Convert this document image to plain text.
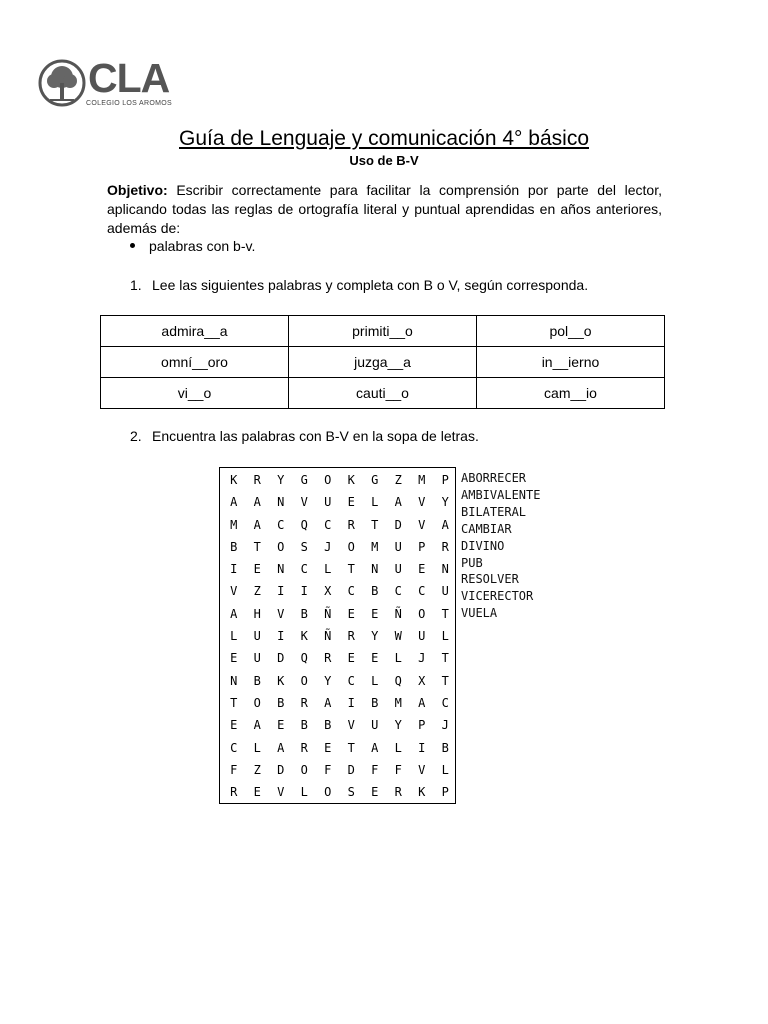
CLA
COLEGIO LOS AROMOS
Guía de Lenguaje y comunicación 4° básico
Uso de B-V

Objetivo: Escribir correctamente para facilitar la comprensión por parte del lector, aplicando todas las reglas de ortografía literal y puntual aprendidas en años anteriores, además de:

palabras con b-v.
1. Lee las siguientes palabras y completa con B o V, según corresponda.
admira__a	primiti__o	pol__o
omní__oro	juzga__a	in__ierno
vi__o	cauti__o	cam__io
2. Encuentra las palabras con B-V en la sopa de letras.
K	R	Y	G	O	K	G	Z	M	P
A	A	N	V	U	E	L	A	V	Y
M	A	C	Q	C	R	T	D	V	A
B	T	O	S	J	O	M	U	P	R
I	E	N	C	L	T	N	U	E	N
V	Z	I	I	X	C	B	C	C	U
A	H	V	B	Ñ	E	E	Ñ	O	T
L	U	I	K	Ñ	R	Y	W	U	L
E	U	D	Q	R	E	E	L	J	T
N	B	K	O	Y	C	L	Q	X	T
T	O	B	R	A	I	B	M	A	C
E	A	E	B	B	V	U	Y	P	J
C	L	A	R	E	T	A	L	I	B
F	Z	D	O	F	D	F	F	V	L
R	E	V	L	O	S	E	R	K	P
ABORRECER
AMBIVALENTE
BILATERAL
CAMBIAR
DIVINO
PUB
RESOLVER
VICERECTOR
VUELA
